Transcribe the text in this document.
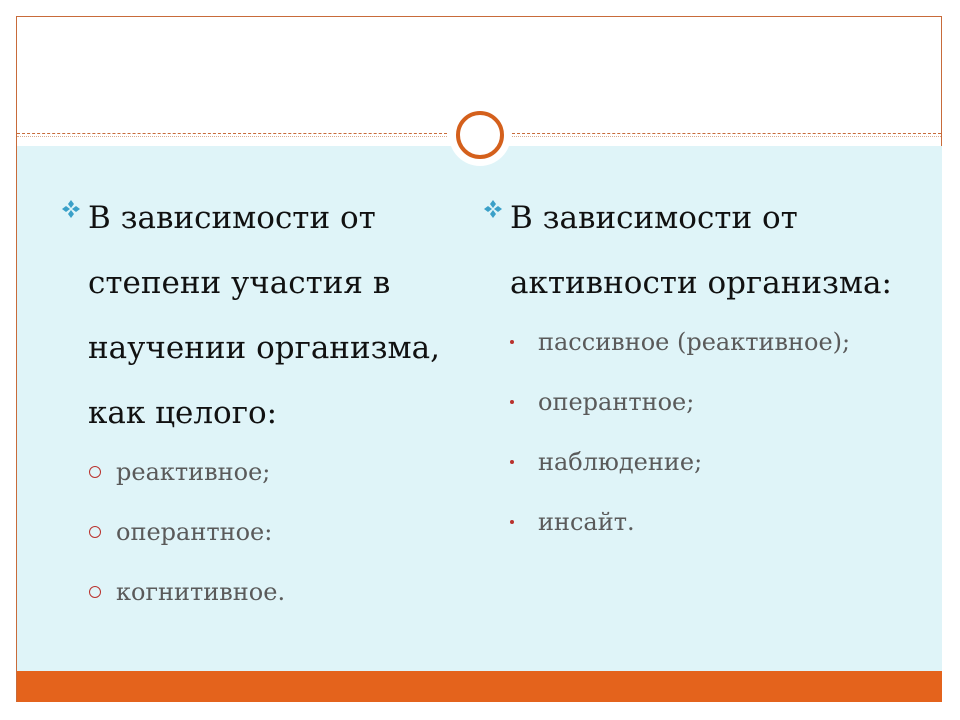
В зависимости от степени участия в научении организма, как целого:
реактивное;
оперантное:
когнитивное.
В зависимости от активности организма:
пассивное (реактивное);
оперантное;
наблюдение;
инсайт.
